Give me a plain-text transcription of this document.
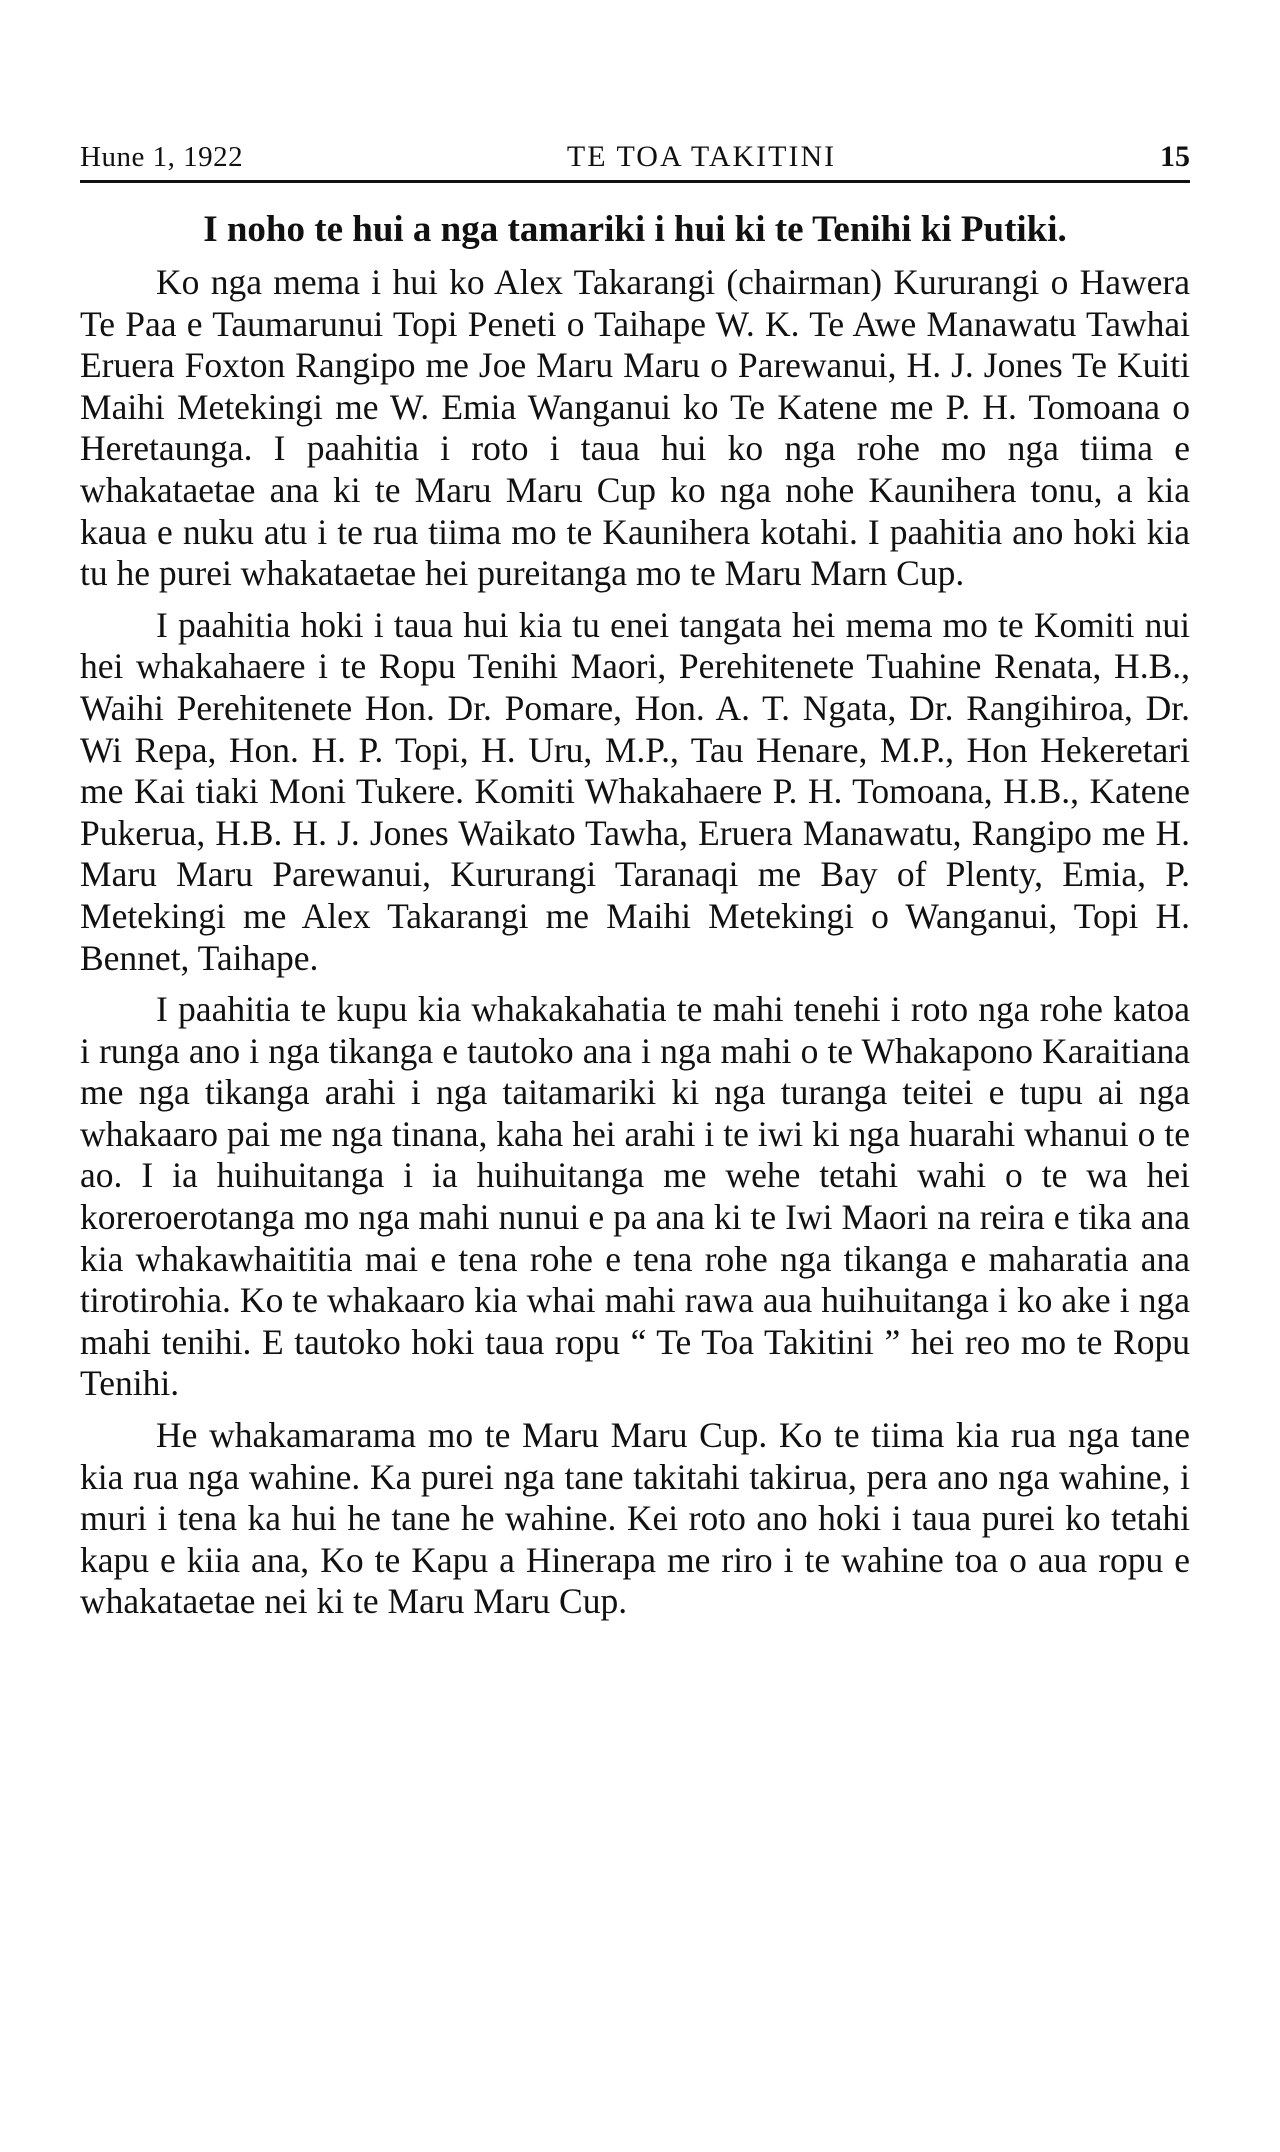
Hune 1, 1922	TE TOA TAKITINI	15
I noho te hui a nga tamariki i hui ki te Tenihi ki Putiki.

Ko nga mema i hui ko Alex Takarangi (chairman) Kururangi o Hawera Te Paa e Taumarunui Topi Peneti o Taihape W. K. Te Awe Manawatu Tawhai Eruera Foxton Rangipo me Joe Maru Maru o Parewanui, H. J. Jones Te Kuiti Maihi Metekingi me W. Emia Wanganui ko Te Katene me P. H. Tomoana o Heretaunga. I paahitia i roto i taua hui ko nga rohe mo nga tiima e whakataetae ana ki te Maru Maru Cup ko nga nohe Kaunihera tonu, a kia kaua e nuku atu i te rua tiima mo te Kaunihera kotahi. I paahitia ano hoki kia tu he purei whakataetae hei pureitanga mo te Maru Marn Cup.

I paahitia hoki i taua hui kia tu enei tangata hei mema mo te Komiti nui hei whakahaere i te Ropu Tenihi Maori, Perehitenete Tuahine Renata, H.B., Waihi Perehitenete Hon. Dr. Pomare, Hon. A. T. Ngata, Dr. Rangihiroa, Dr. Wi Repa, Hon. H. P. Topi, H. Uru, M.P., Tau Henare, M.P., Hon Hekeretari me Kai tiaki Moni Tukere. Komiti Whakahaere P. H. Tomoana, H.B., Katene Pukerua, H.B. H. J. Jones Waikato Tawha, Eruera Manawatu, Rangipo me H. Maru Maru Parewanui, Kururangi Taranaqi me Bay of Plenty, Emia, P. Metekingi me Alex Takarangi me Maihi Metekingi o Wanganui, Topi H. Bennet, Taihape.

I paahitia te kupu kia whakakahatia te mahi tenehi i roto nga rohe katoa i runga ano i nga tikanga e tautoko ana i nga mahi o te Whakapono Karaitiana me nga tikanga arahi i nga taitamariki ki nga turanga teitei e tupu ai nga whakaaro pai me nga tinana, kaha hei arahi i te iwi ki nga huarahi whanui o te ao. I ia huihuitanga i ia huihuitanga me wehe tetahi wahi o te wa hei koreroerotanga mo nga mahi nunui e pa ana ki te Iwi Maori na reira e tika ana kia whakawhaititia mai e tena rohe e tena rohe nga tikanga e maharatia ana tirotirohia. Ko te whakaaro kia whai mahi rawa aua huihuitanga i ko ake i nga mahi tenihi. E tautoko hoki taua ropu “ Te Toa Takitini ” hei reo mo te Ropu Tenihi.

He whakamarama mo te Maru Maru Cup. Ko te tiima kia rua nga tane kia rua nga wahine. Ka purei nga tane takitahi takirua, pera ano nga wahine, i muri i tena ka hui he tane he wahine. Kei roto ano hoki i taua purei ko tetahi kapu e kiia ana, Ko te Kapu a Hinerapa me riro i te wahine toa o aua ropu e whakataetae nei ki te Maru Maru Cup.
